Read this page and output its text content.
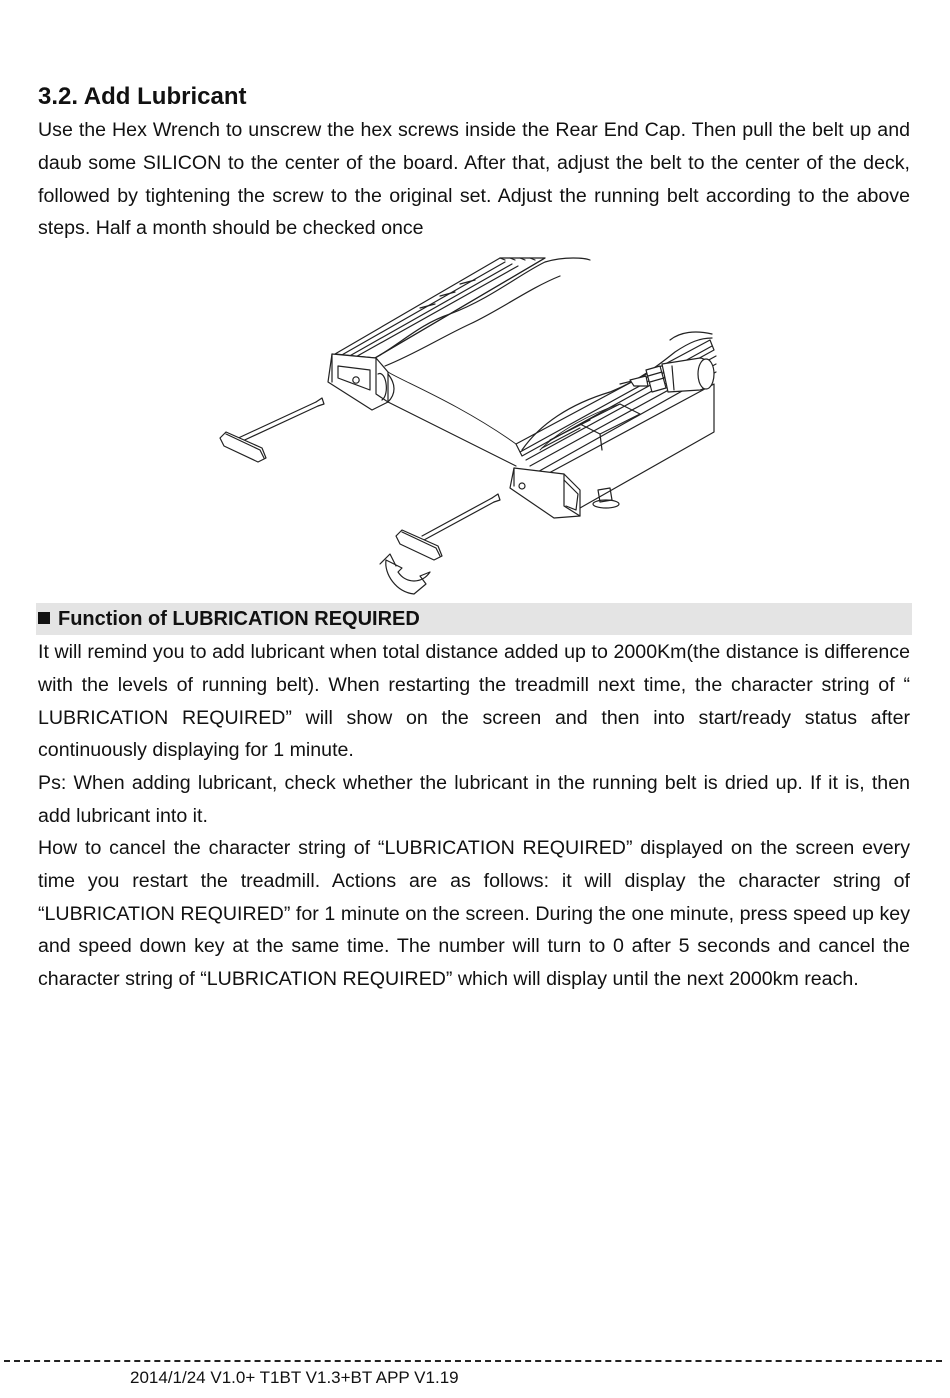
3.2. Add Lubricant

Use the Hex Wrench to unscrew the hex screws inside the Rear End Cap. Then pull the belt up and daub some SILICON to the center of the board. After that, adjust the belt to the center of the deck, followed by tightening the screw to the original set. Adjust the running belt according to the above steps. Half a month should be checked once

Function of LUBRICATION REQUIRED

It will remind you to add lubricant when total distance added up to 2000Km(the distance is difference with the levels of running belt). When restarting the treadmill next time, the character string of “ LUBRICATION REQUIRED” will show on the screen and then into start/ready status after continuously displaying for 1 minute.

Ps: When adding lubricant, check whether the lubricant in the running belt is dried up. If it is, then add lubricant into it.

How to cancel the character string of “LUBRICATION REQUIRED” displayed on the screen every time you restart the treadmill. Actions are as follows: it will display the character string of “LUBRICATION REQUIRED” for 1 minute on the screen. During the one minute, press speed up key and speed down key at the same time. The number will turn to 0 after 5 seconds and cancel the character string of “LUBRICATION REQUIRED” which will display until the next 2000km reach.

2014/1/24 V1.0+ T1BT V1.3+BT APP V1.19
